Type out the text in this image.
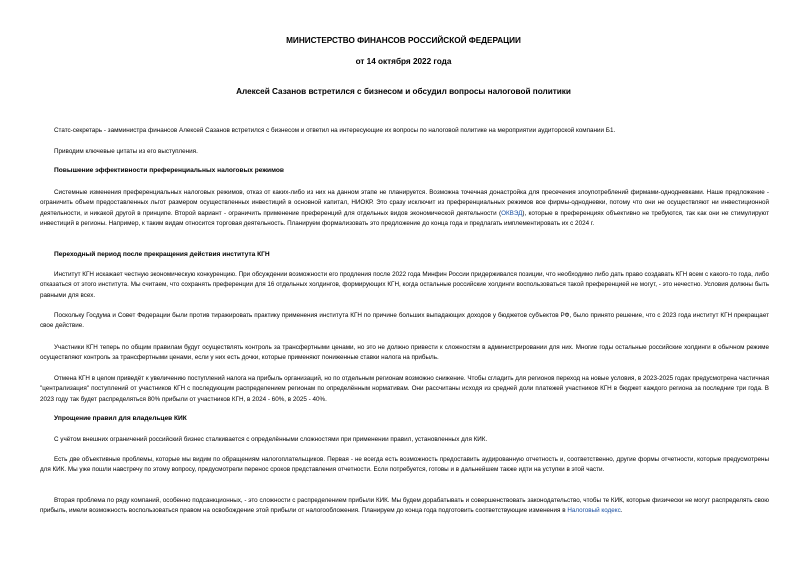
МИНИСТЕРСТВО ФИНАНСОВ РОССИЙСКОЙ ФЕДЕРАЦИИ
от 14 октября 2022 года
Алексей Сазанов встретился с бизнесом и обсудил вопросы налоговой политики
Статс-секретарь - замминистра финансов Алексей Сазанов встретился с бизнесом и ответил на интересующие их вопросы по налоговой политике на мероприятии аудиторской компании Б1.
Приводим ключевые цитаты из его выступления.
Повышение эффективности преференциальных налоговых режимов
Системные изменения преференциальных налоговых режимов, отказ от каких-либо из них на данном этапе не планируется. Возможна точечная донастройка для пресечения злоупотреблений фирмами-однодневками. Наше предложение - ограничить объем предоставленных льгот размером осуществленных инвестиций в основной капитал, НИОКР. Это сразу исключит из преференциальных режимов все фирмы-однодневки, потому что они не осуществляют ни инвестиционной деятельности, и никакой другой в принципе. Второй вариант - ограничить применение преференций для отдельных видов экономической деятельности (ОКВЭД), которые в преференциях объективно не требуются, так как они не стимулируют инвестиций в регионы. Например, к таким видам относится торговая деятельность. Планируем формализовать это предложение до конца года и предлагать имплементировать их с 2024 г.
Переходный период после прекращения действия института КГН
Институт КГН искажает честную экономическую конкуренцию. При обсуждении возможности его продления после 2022 года Минфин России придерживался позиции, что необходимо либо дать право создавать КГН всем с какого-то года, либо отказаться от этого института. Мы считаем, что сохранять преференции для 16 отдельных холдингов, формирующих КГН, когда остальные российские холдинги воспользоваться такой преференцией не могут, - это нечестно. Условия должны быть равными для всех.
Поскольку Госдума и Совет Федерации были против тиражировать практику применения института КГН по причине больших выпадающих доходов у бюджетов субъектов РФ, было принято решение, что с 2023 года институт КГН прекращает свое действие.
Участники КГН теперь по общим правилам будут осуществлять контроль за трансфертными ценами, но это не должно привести к сложностям в администрировании для них. Многие годы остальные российские холдинги в обычном режиме осуществляют контроль за трансфертными ценами, если у них есть дочки, которые применяют пониженные ставки налога на прибыль.
Отмена КГН в целом приведёт к увеличению поступлений налога на прибыль организаций, но по отдельным регионам возможно снижение. Чтобы сгладить для регионов переход на новые условия, в 2023-2025 годах предусмотрена частичная "централизация" поступлений от участников КГН с последующим распределением регионам по определённым нормативам. Они рассчитаны исходя из средней доли платежей участников КГН в бюджет каждого региона за последние три года. В 2023 году так будет распределяться 80% прибыли от участников КГН, в 2024 - 60%, в 2025 - 40%.
Упрощение правил для владельцев КИК
С учётом внешних ограничений российский бизнес сталкивается с определёнными сложностями при применении правил, установленных для КИК.
Есть две объективные проблемы, которые мы видим по обращениям налогоплательщиков. Первая - не всегда есть возможность предоставить аудированную отчетность и, соответственно, другие формы отчетности, которые предусмотрены для КИК. Мы уже пошли навстречу по этому вопросу, предусмотрели перенос сроков представления отчетности. Если потребуется, готовы и в дальнейшем также идти на уступки в этой части.
Вторая проблема по ряду компаний, особенно подсанкционных, - это сложности с распределением прибыли КИК. Мы будем дорабатывать и совершенствовать законодательство, чтобы те КИК, которые физически не могут распределять свою прибыль, имели возможность воспользоваться правом на освобождение этой прибыли от налогообложения. Планируем до конца года подготовить соответствующие изменения в Налоговый кодекс.
